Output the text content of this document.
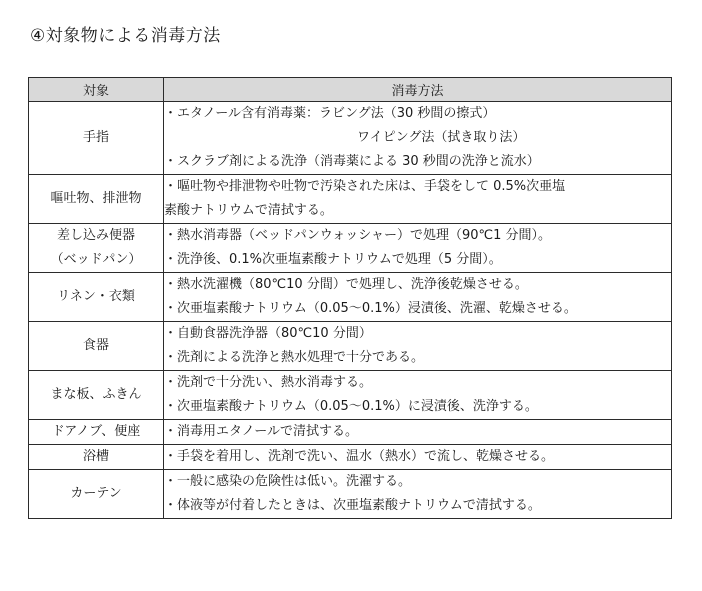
④対象物による消毒方法
対象	消毒方法

手指	・エタノール含有消毒薬：ラビング法（30 秒間の擦式）
ワイピング法（拭き取り法）
・スクラブ剤による洗浄（消毒薬による 30 秒間の洗浄と流水）

嘔吐物、排泄物	・嘔吐物や排泄物や吐物で汚染された床は、手袋をして 0.5%次亜塩
素酸ナトリウムで清拭する。

差し込み便器
（ベッドパン）	・熱水消毒器（ベッドパンウォッシャー）で処理（90℃1 分間）。
・洗浄後、0.1%次亜塩素酸ナトリウムで処理（5 分間）。

リネン・衣類	・熱水洗濯機（80℃10 分間）で処理し、洗浄後乾燥させる。
・次亜塩素酸ナトリウム（0.05～0.1%）浸漬後、洗濯、乾燥させる。

食器	・自動食器洗浄器（80℃10 分間）
・洗剤による洗浄と熱水処理で十分である。

まな板、ふきん	・洗剤で十分洗い、熱水消毒する。
・次亜塩素酸ナトリウム（0.05～0.1%）に浸漬後、洗浄する。

ドアノブ、便座	・消毒用エタノールで清拭する。

浴槽	・手袋を着用し、洗剤で洗い、温水（熱水）で流し、乾燥させる。

カーテン	・一般に感染の危険性は低い。洗濯する。
・体液等が付着したときは、次亜塩素酸ナトリウムで清拭する。
